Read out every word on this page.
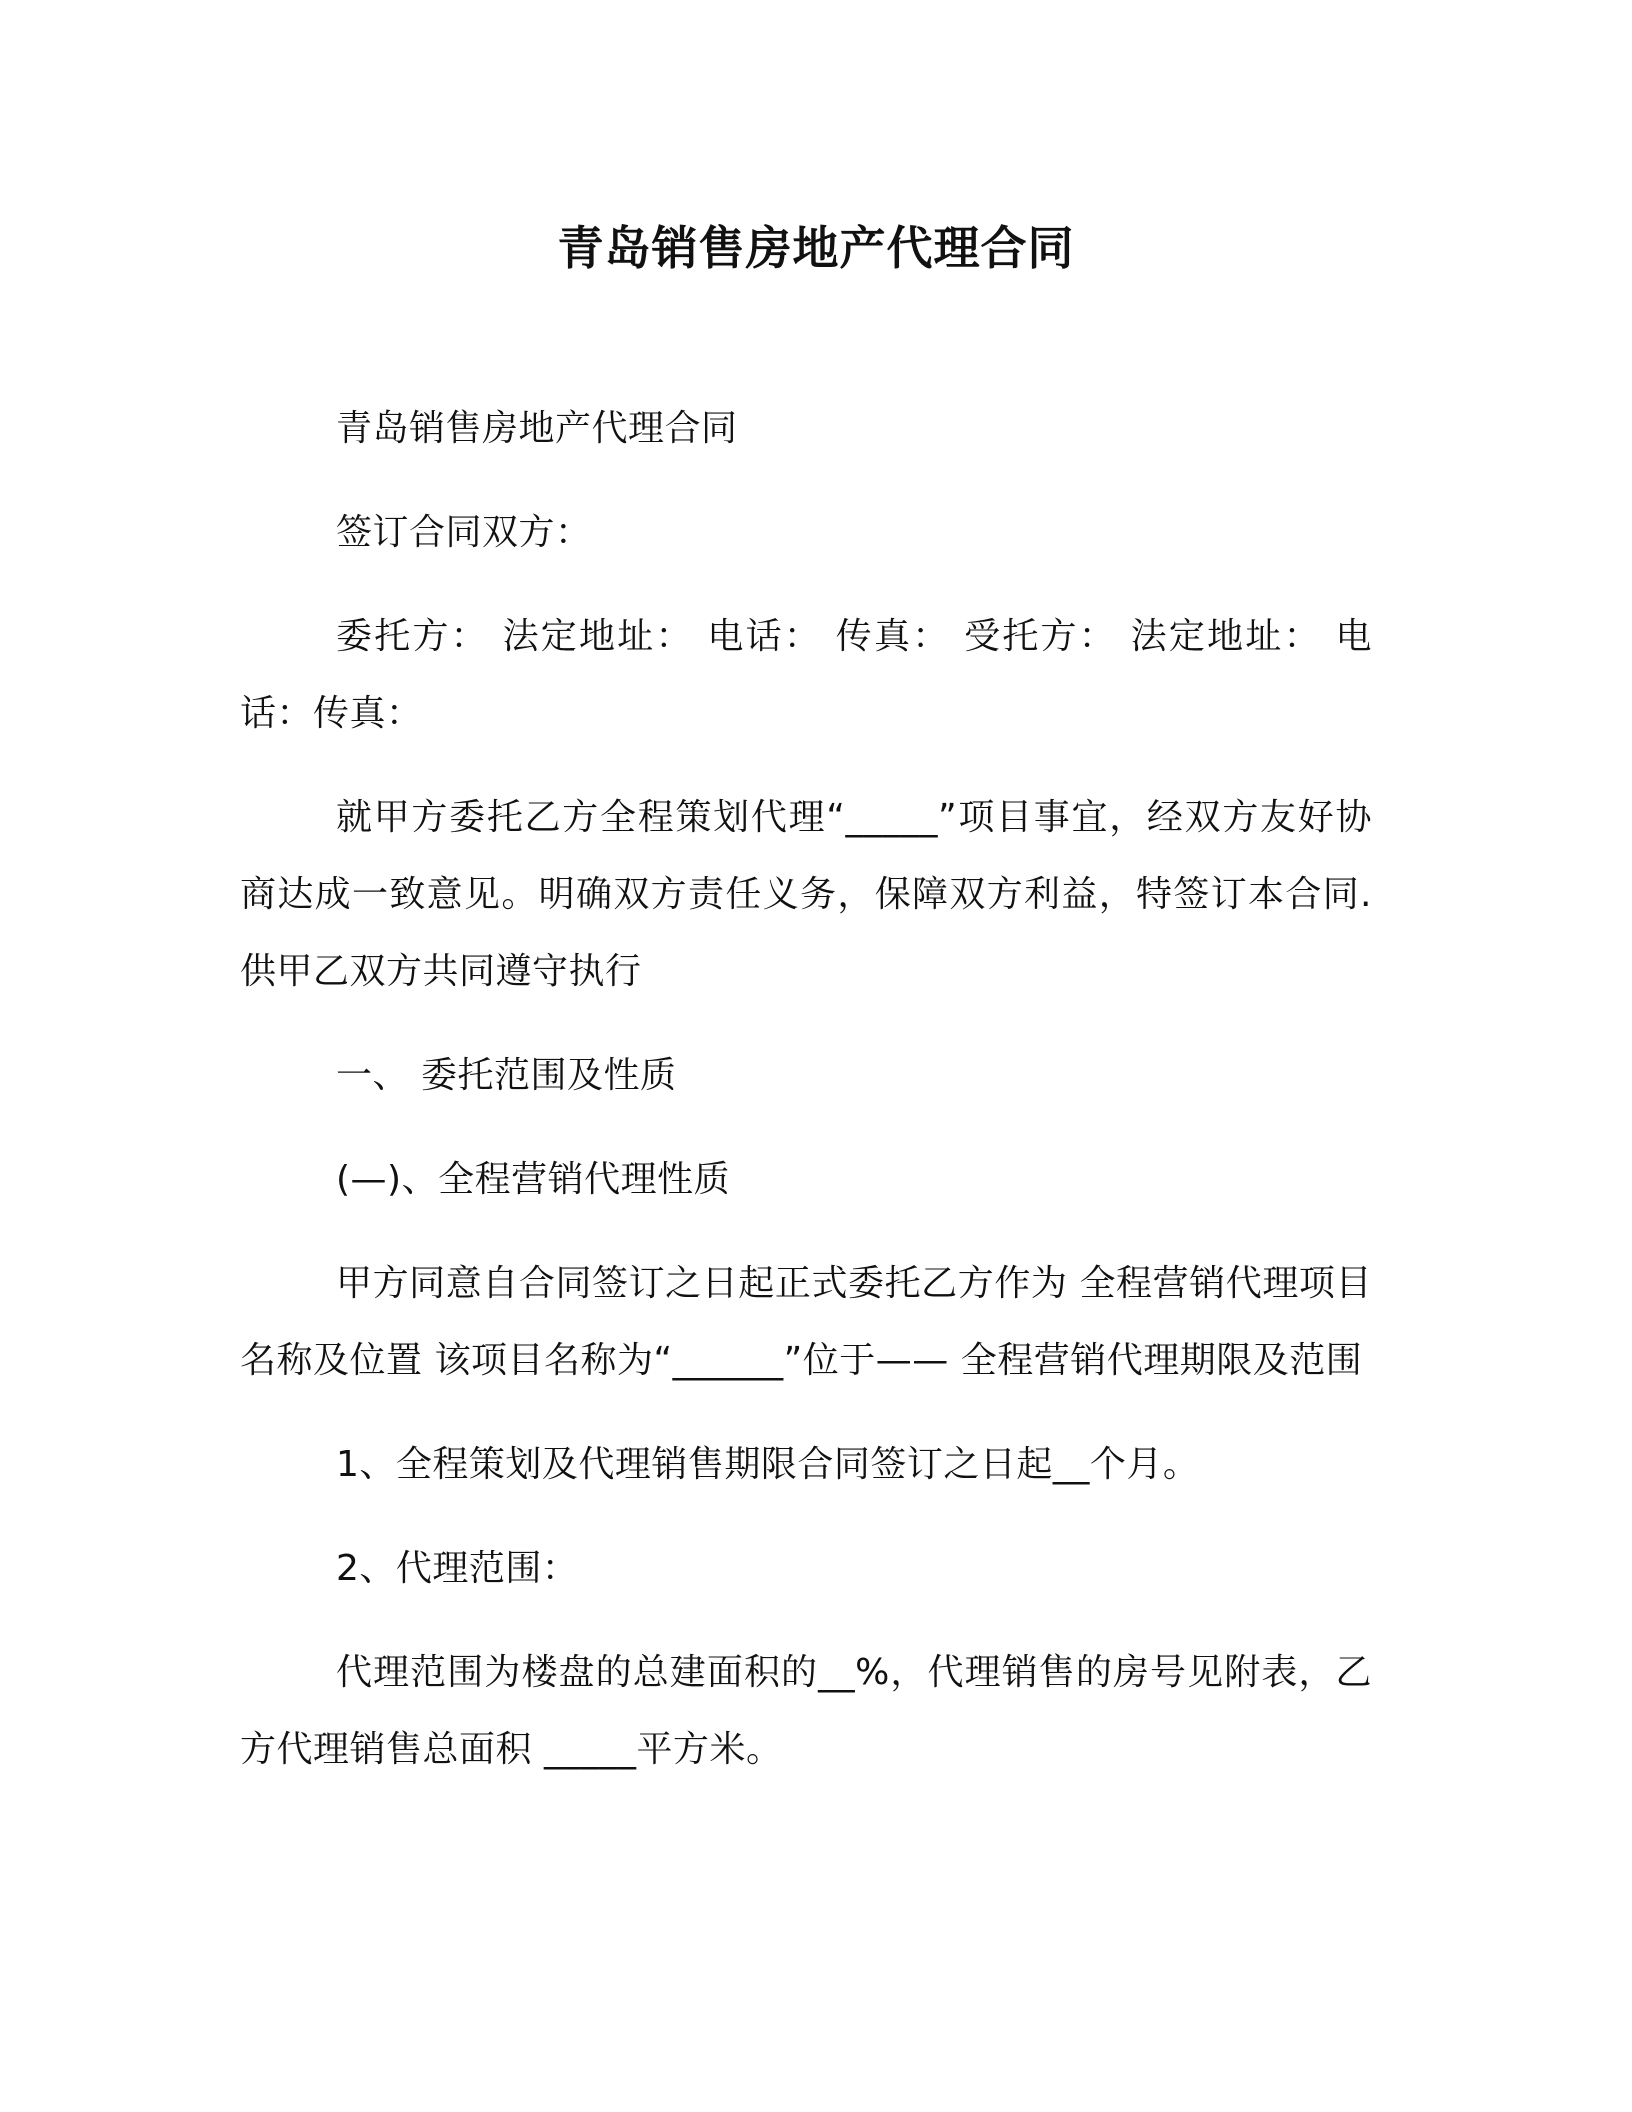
青岛销售房地产代理合同

青岛销售房地产代理合同

签订合同双方：

委托方： 法定地址： 电话： 传真： 受托方： 法定地址： 电话：传真：

就甲方委托乙方全程策划代理“_____”项目事宜，经双方友好协商达成一致意见。明确双方责任义务，保障双方利益，特签订本合同.供甲乙双方共同遵守执行

一、 委托范围及性质

(—)、全程营销代理性质

甲方同意自合同签订之日起正式委托乙方作为 全程营销代理项目名称及位置 该项目名称为“______”位于—— 全程营销代理期限及范围

1、全程策划及代理销售期限合同签订之日起__个月。

2、代理范围：

代理范围为楼盘的总建面积的__%，代理销售的房号见附表，乙方代理销售总面积 _____平方米。
